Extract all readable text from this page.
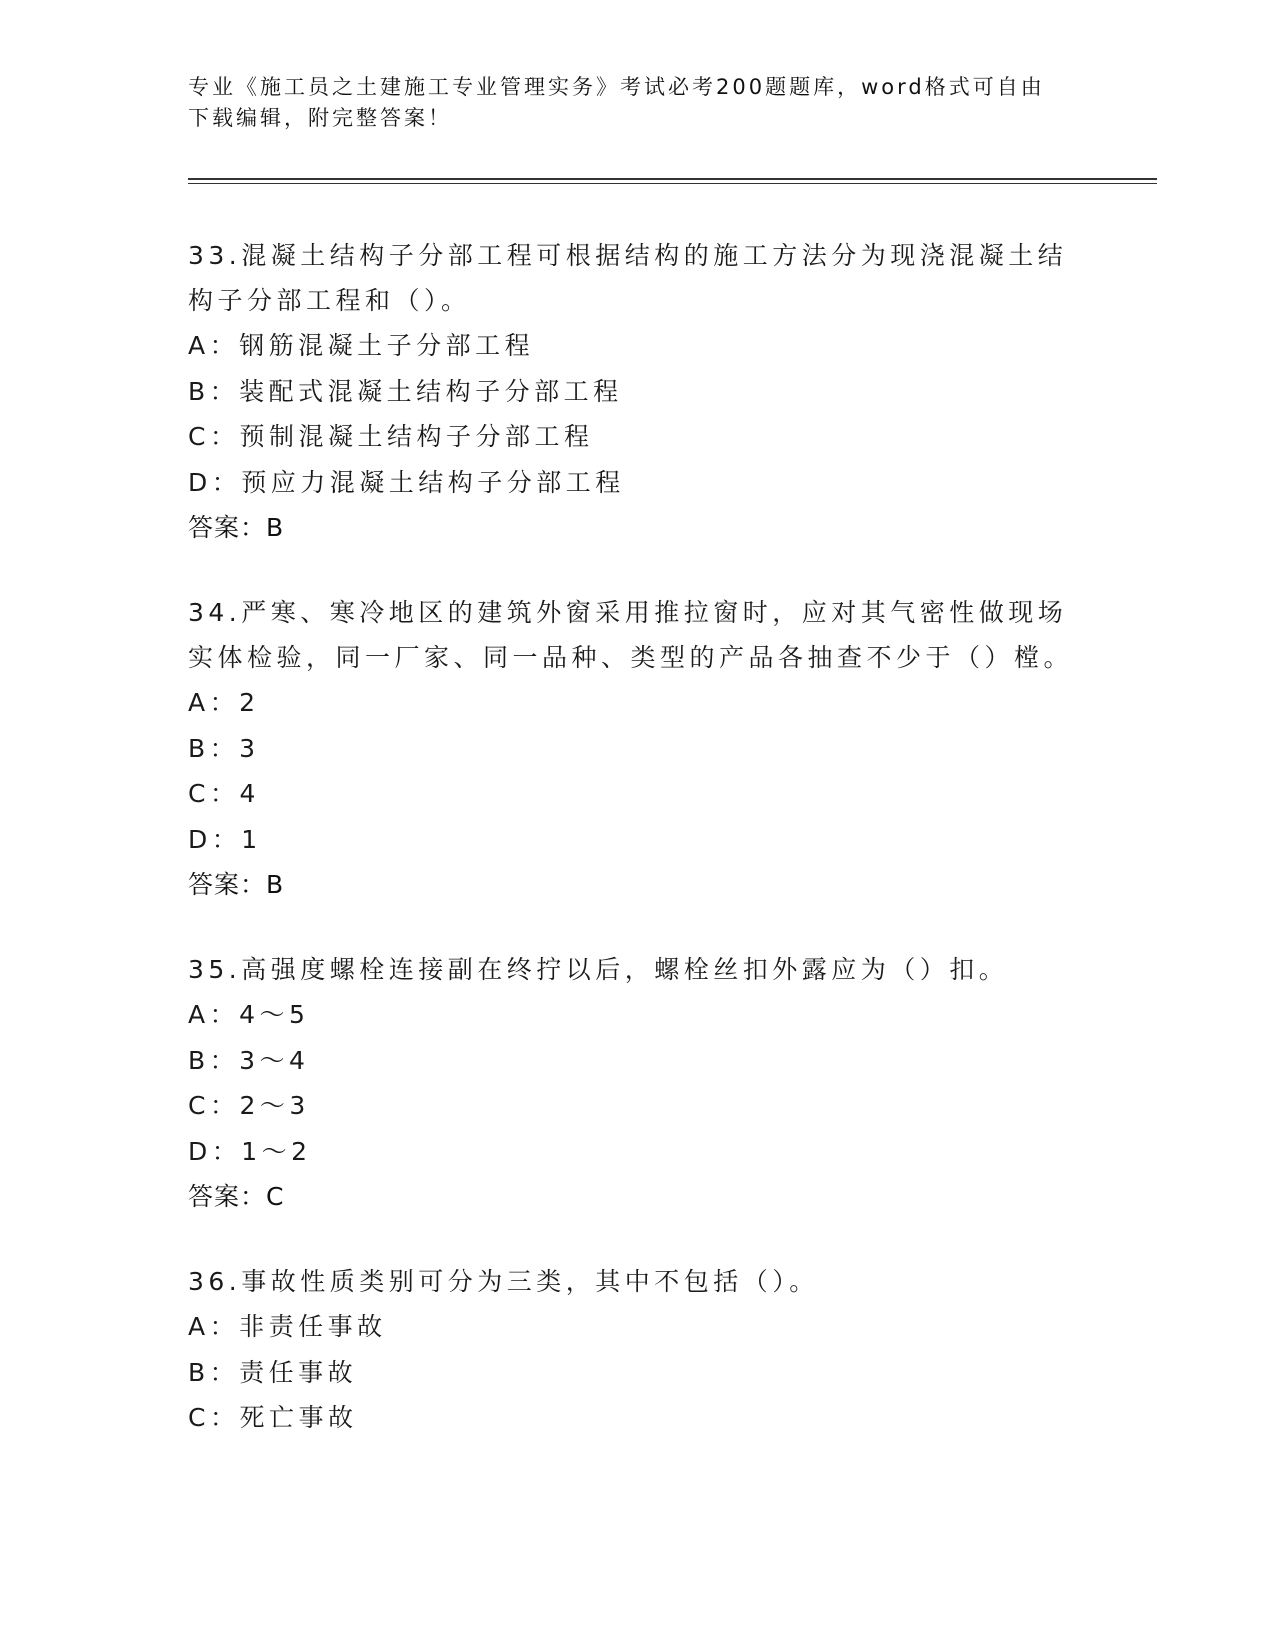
专业《施工员之土建施工专业管理实务》考试必考200题题库，word格式可自由下载编辑，附完整答案！
33.混凝土结构子分部工程可根据结构的施工方法分为现浇混凝土结构子分部工程和（）。
A：钢筋混凝土子分部工程
B：装配式混凝土结构子分部工程
C：预制混凝土结构子分部工程
D：预应力混凝土结构子分部工程
答案：B
34.严寒、寒冷地区的建筑外窗采用推拉窗时，应对其气密性做现场实体检验，同一厂家、同一品种、类型的产品各抽查不少于（）樘。
A：2
B：3
C：4
D：1
答案：B
35.高强度螺栓连接副在终拧以后，螺栓丝扣外露应为（）扣。
A：4～5
B：3～4
C：2～3
D：1～2
答案：C
36.事故性质类别可分为三类，其中不包括（）。
A：非责任事故
B：责任事故
C：死亡事故
